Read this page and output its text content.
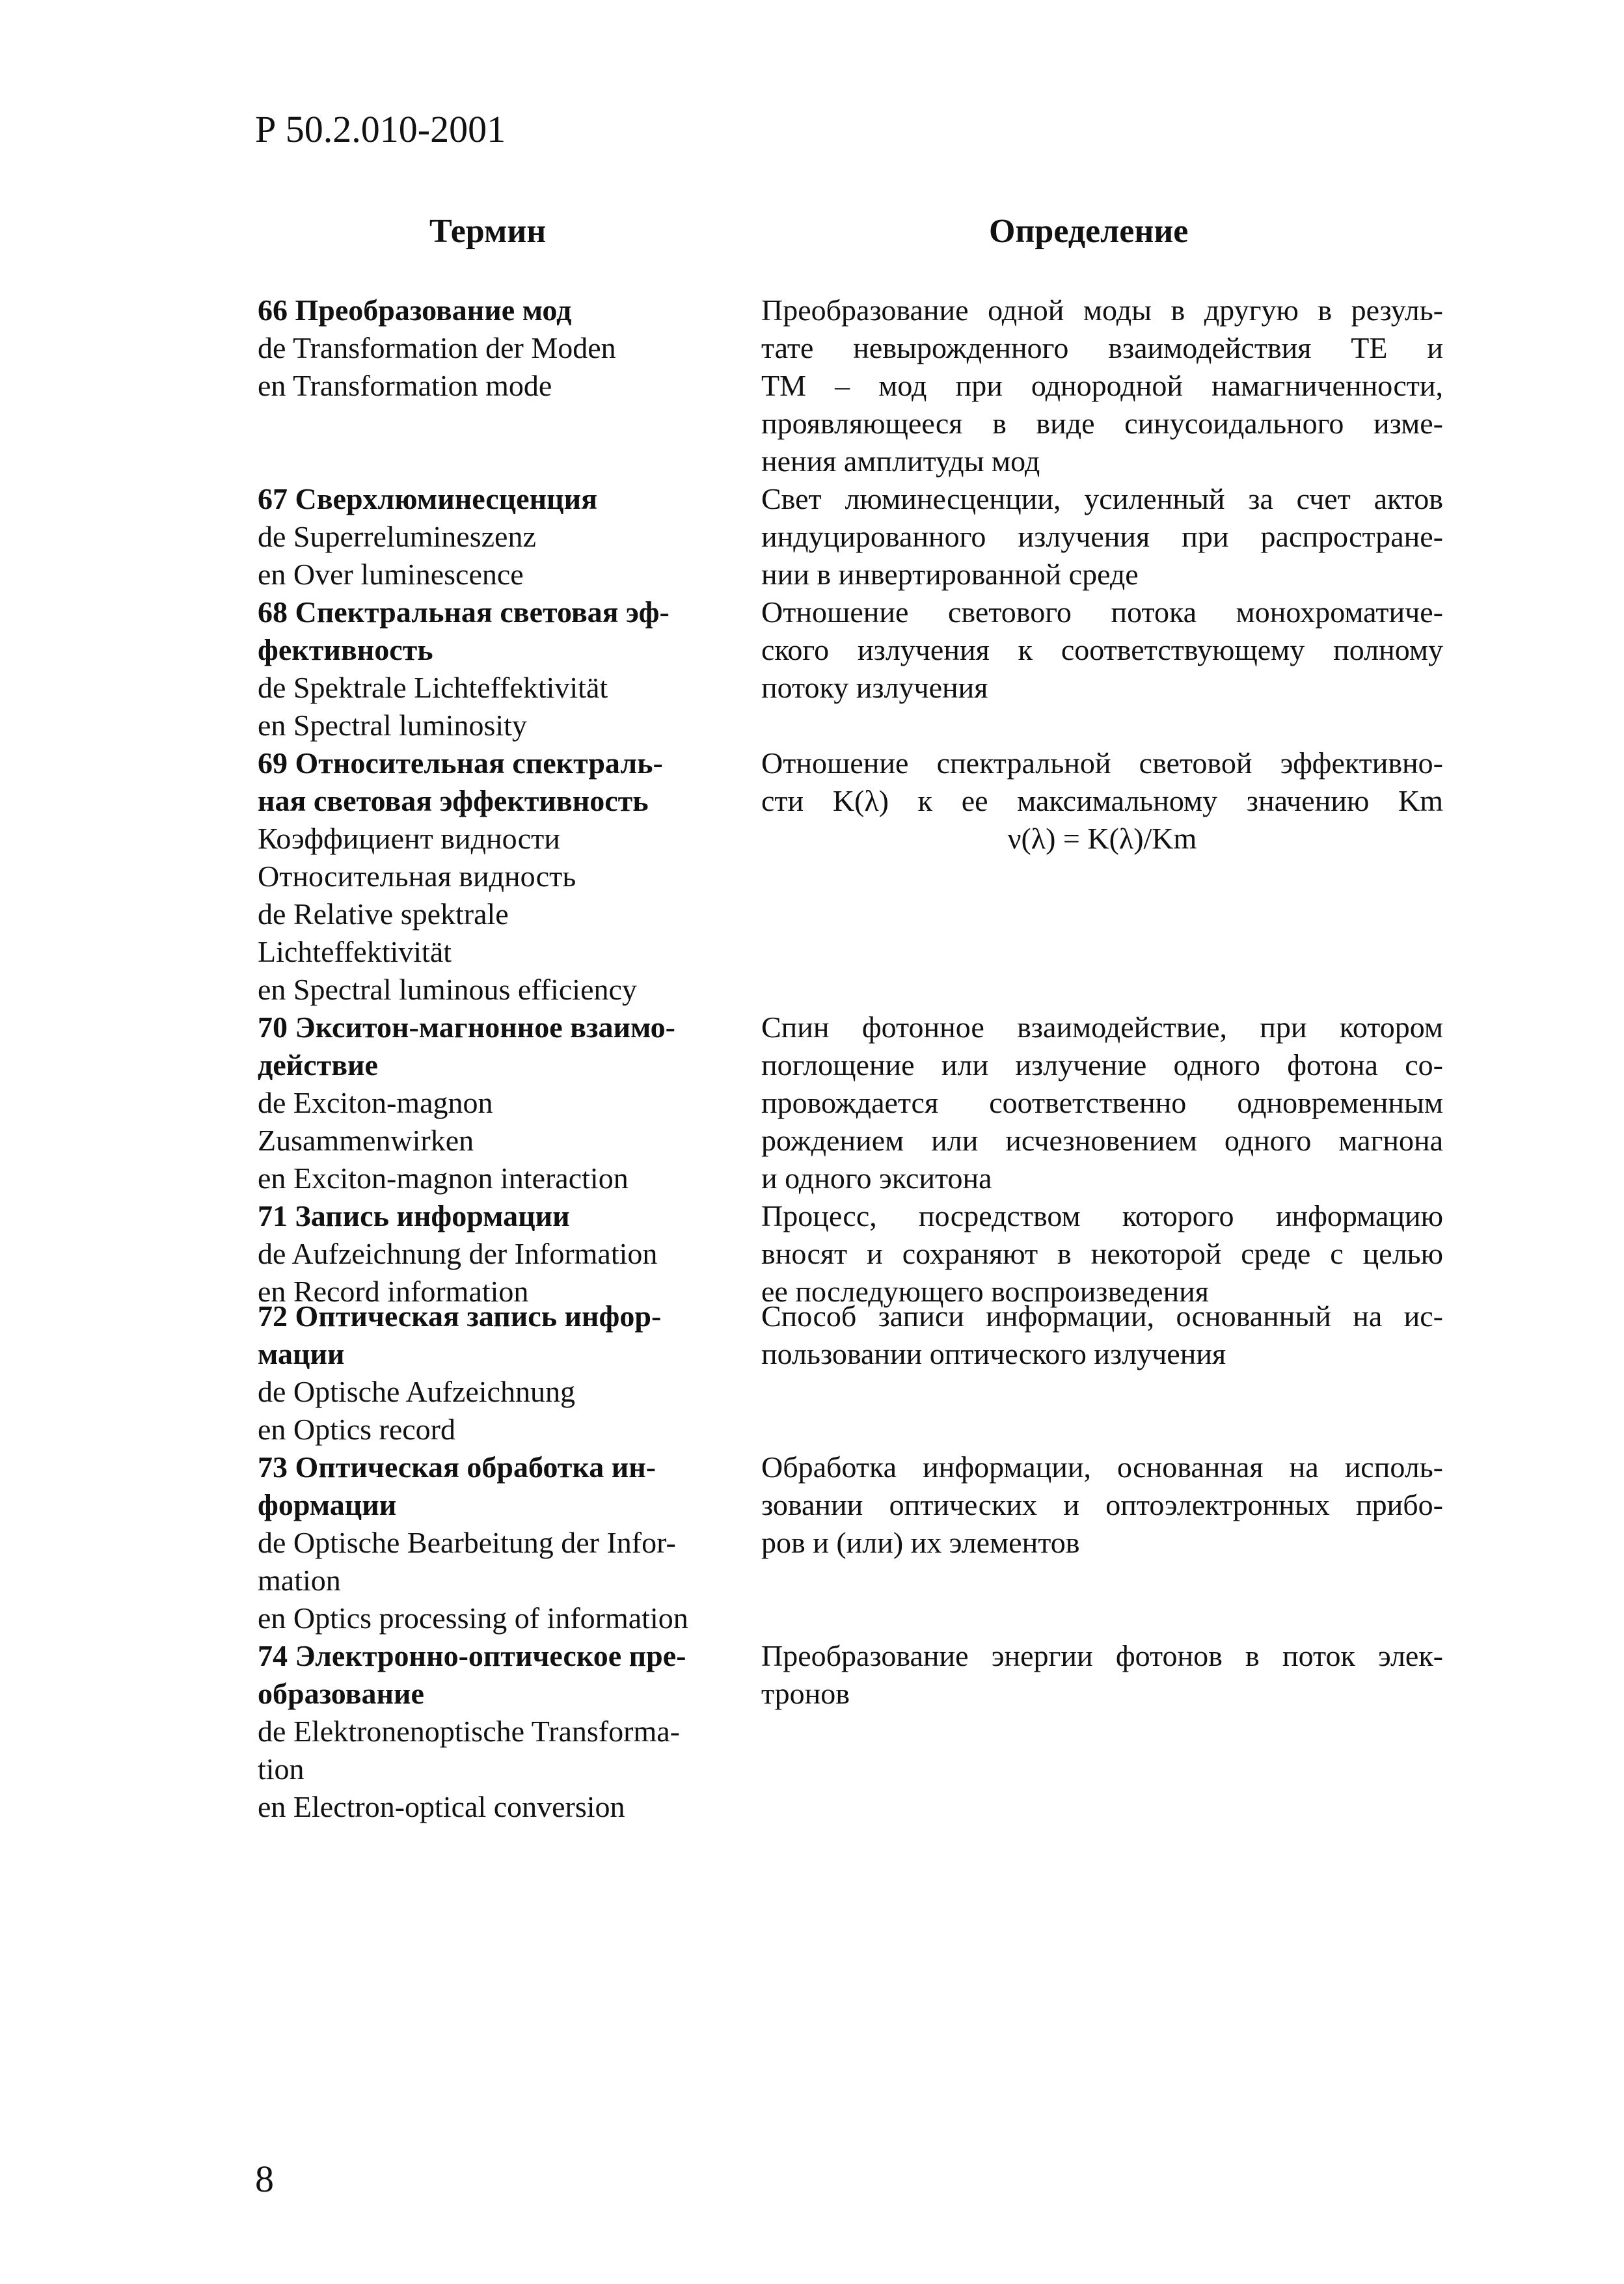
Р 50.2.010-2001
Термин	Определение
66 Преобразование мод
de Transformation der Moden
en Transformation mode
Преобразование одной моды в другую в резуль-
тате невырожденного взаимодействия TE и
TM – мод при однородной намагниченности,
проявляющееся в виде синусоидального изме-
нения амплитуды мод
67 Сверхлюминесценция
de Superrelumineszenz
en Over luminescence
Свет люминесценции, усиленный за счет актов
индуцированного излучения при распростране-
нии в инвертированной среде
68 Спектральная световая эф-
фективность
de Spektrale Lichteffektivität
en Spectral luminosity
Отношение светового потока монохроматиче-
ского излучения к соответствующему полному
потоку излучения
69 Относительная спектраль-
ная световая эффективность
Коэффициент видности
Относительная видность
de Relative spektrale
Lichteffektivität
en Spectral luminous efficiency
Отношение спектральной световой эффективно-
сти K(λ) к ее максимальному значению Km
ν(λ) = K(λ)/Km
70 Экситон-магнонное взаимо-
действие
de Exciton-magnon
Zusammenwirken
en Exciton-magnon interaction
Спин фотонное взаимодействие, при котором
поглощение или излучение одного фотона со-
провождается соответственно одновременным
рождением или исчезновением одного магнона
и одного экситона
71 Запись информации
de Aufzeichnung der Information
en Record information
Процесс, посредством которого информацию
вносят и сохраняют в некоторой среде с целью
ее последующего воспроизведения
72 Оптическая запись инфор-
мации
de Optische Aufzeichnung
en Optics record
Способ записи информации, основанный на ис-
пользовании оптического излучения
73 Оптическая обработка ин-
формации
de Optische Bearbeitung der Infor-
mation
en Optics processing of information
Обработка информации, основанная на исполь-
зовании оптических и оптоэлектронных прибо-
ров и (или) их элементов
74 Электронно-оптическое пре-
образование
de Elektronenoptische Transforma-
tion
en Electron-optical conversion
Преобразование энергии фотонов в поток элек-
тронов
8
